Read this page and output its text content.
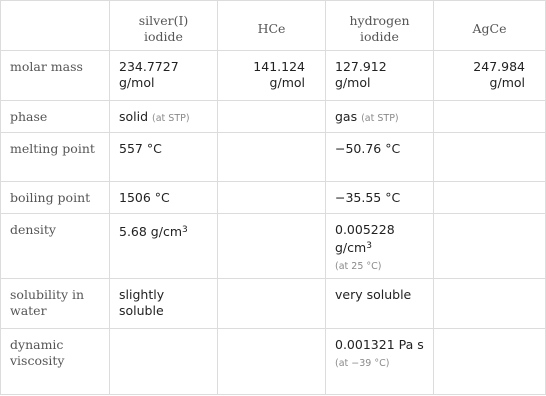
	silver(I) iodide	HCe	hydrogen iodide	AgCe
molar mass	234.7727 g/mol	141.124 g/mol	127.912 g/mol	247.984 g/mol
phase	solid (at STP)		gas (at STP)	
melting point	557 °C		−50.76 °C	
boiling point	1506 °C		−35.55 °C	
density	5.68 $g/cm^3$		0.005228 $g/cm^3$
(at 25 °C)	

solubility in water	slightly soluble		very soluble	
dynamic viscosity			0.001321 Pa s
(at −39 °C)	
